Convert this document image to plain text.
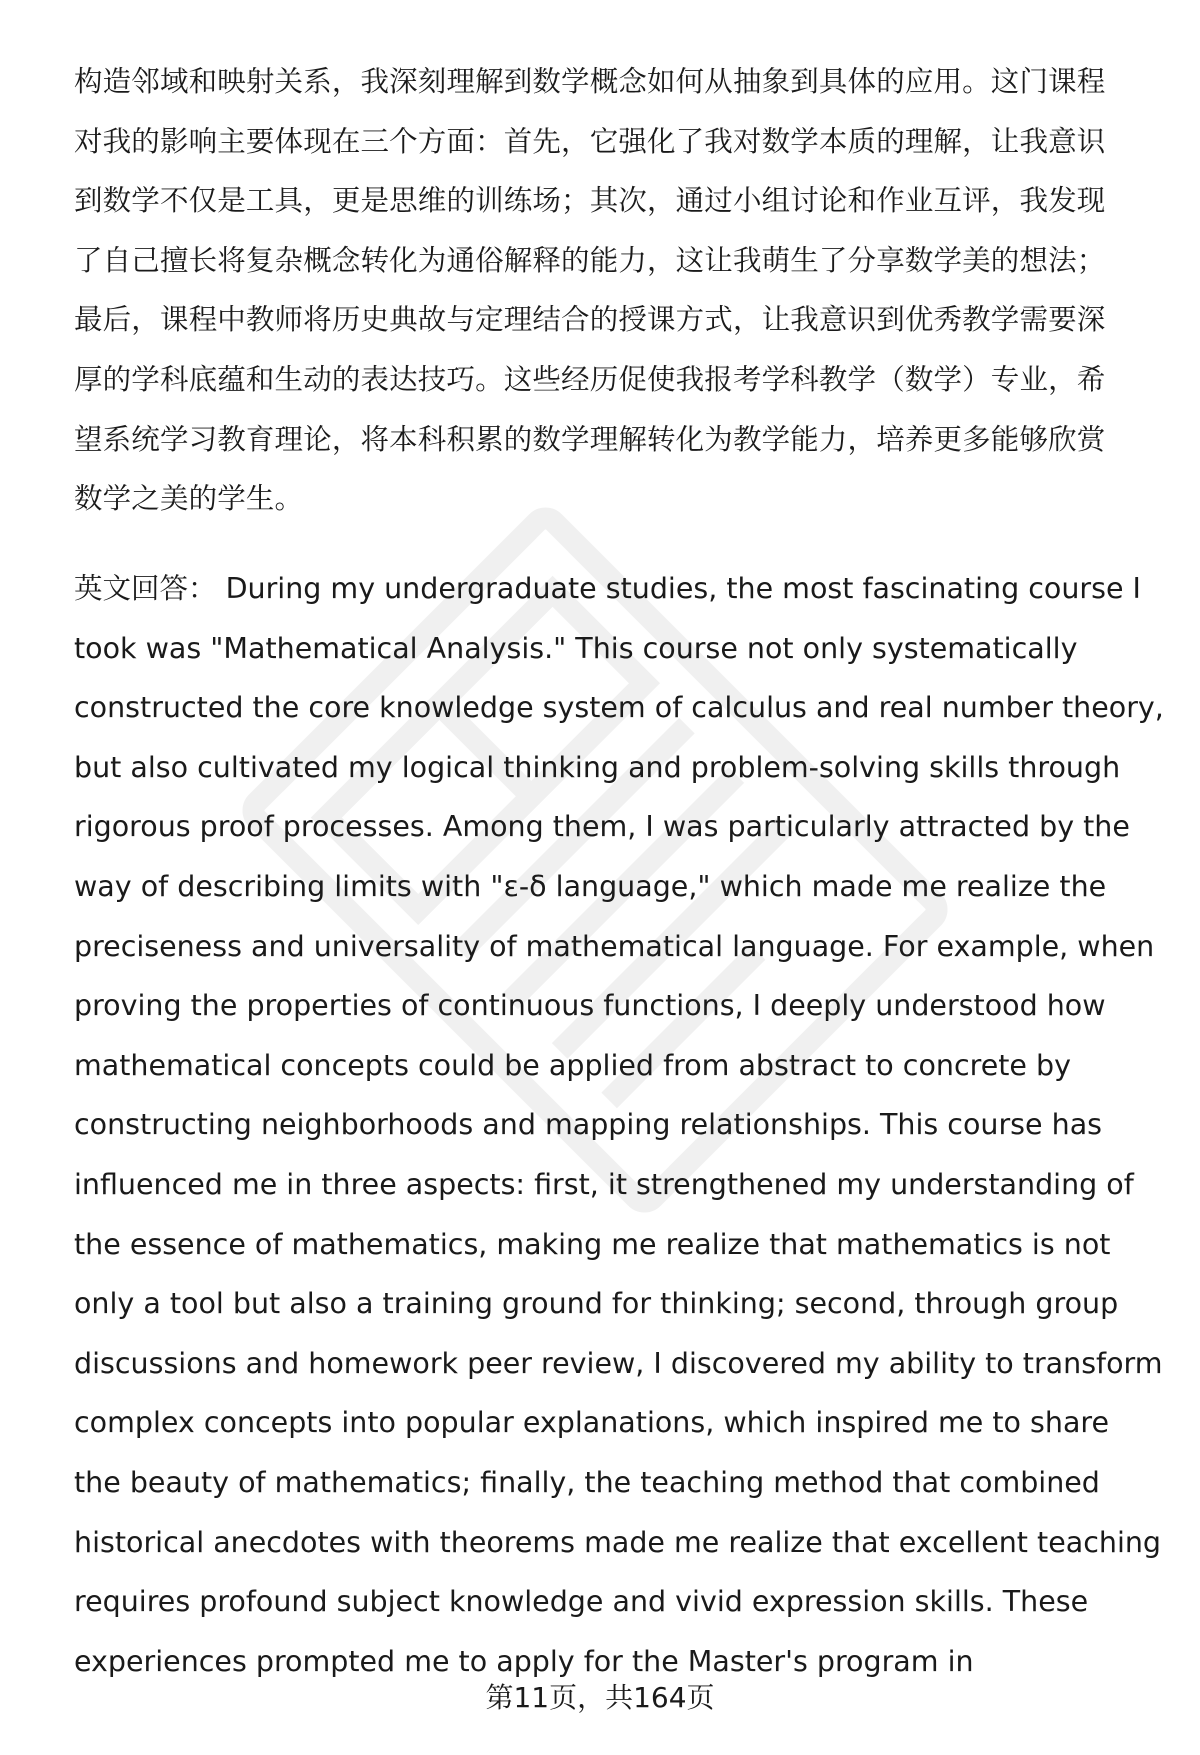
构造邻域和映射关系，我深刻理解到数学概念如何从抽象到具体的应用。这门课程
对我的影响主要体现在三个方面：首先，它强化了我对数学本质的理解，让我意识
到数学不仅是工具，更是思维的训练场；其次，通过小组讨论和作业互评，我发现
了自己擅长将复杂概念转化为通俗解释的能力，这让我萌生了分享数学美的想法；
最后，课程中教师将历史典故与定理结合的授课方式，让我意识到优秀教学需要深
厚的学科底蕴和生动的表达技巧。这些经历促使我报考学科教学（数学）专业，希
望系统学习教育理论，将本科积累的数学理解转化为教学能力，培养更多能够欣赏
数学之美的学生。
英文回答： During my undergraduate studies, the most fascinating course I
took was "Mathematical Analysis." This course not only systematically
constructed the core knowledge system of calculus and real number theory,
but also cultivated my logical thinking and problem-solving skills through
rigorous proof processes. Among them, I was particularly attracted by the
way of describing limits with "ε-δ language," which made me realize the
preciseness and universality of mathematical language. For example, when
proving the properties of continuous functions, I deeply understood how
mathematical concepts could be applied from abstract to concrete by
constructing neighborhoods and mapping relationships. This course has
influenced me in three aspects: first, it strengthened my understanding of
the essence of mathematics, making me realize that mathematics is not
only a tool but also a training ground for thinking; second, through group
discussions and homework peer review, I discovered my ability to transform
complex concepts into popular explanations, which inspired me to share
the beauty of mathematics; finally, the teaching method that combined
historical anecdotes with theorems made me realize that excellent teaching
requires profound subject knowledge and vivid expression skills. These
experiences prompted me to apply for the Master's program in
第11页，共164页
